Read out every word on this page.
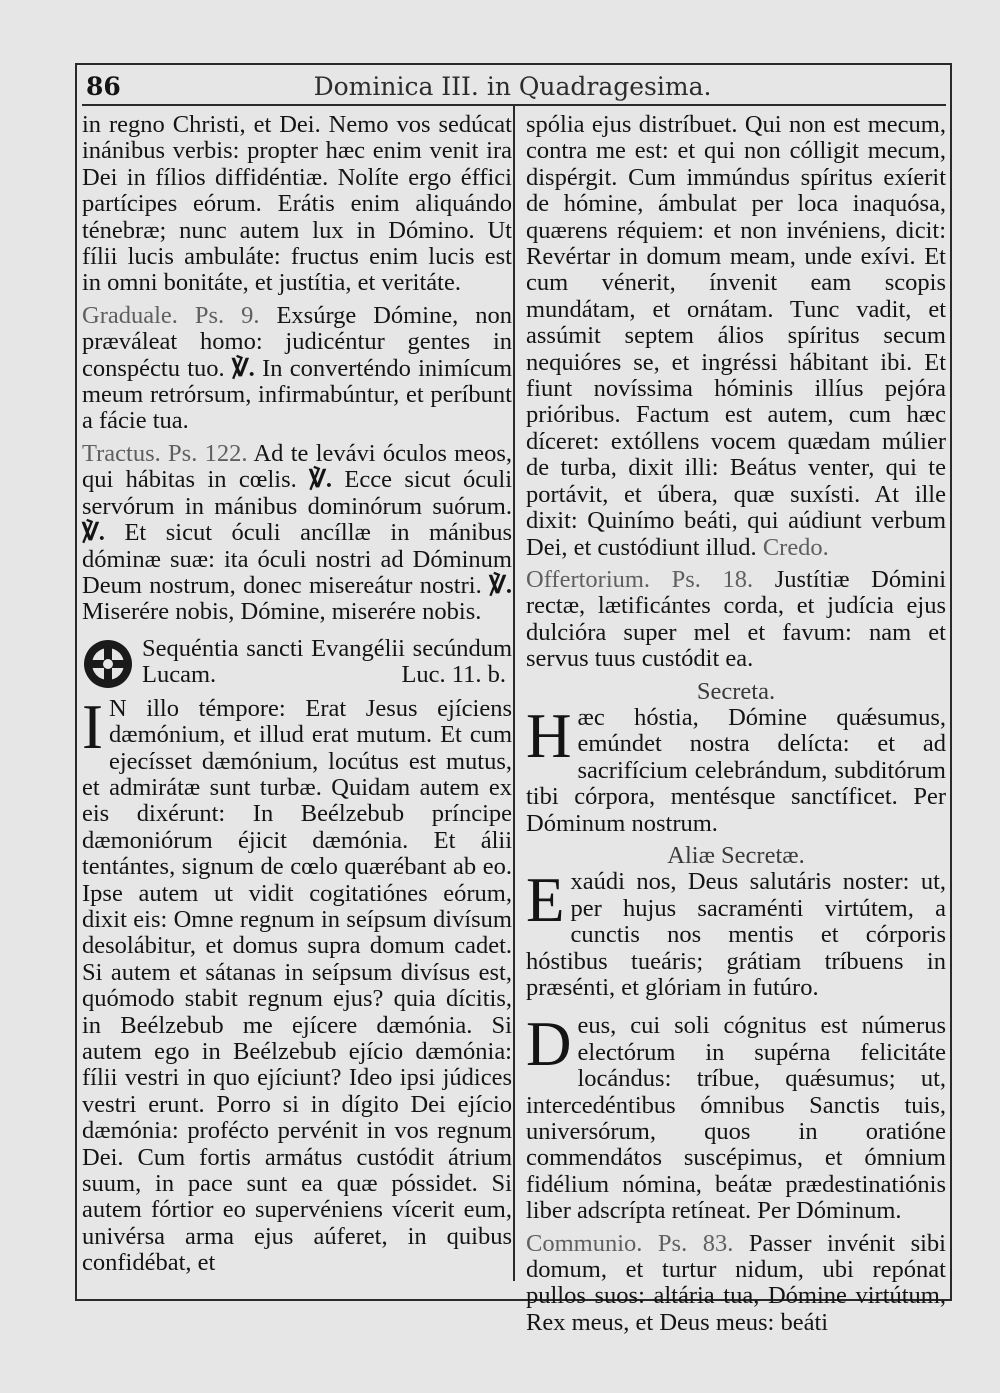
86	Dominica III. in Quadragesima.

in regno Christi, et Dei. Nemo vos sedúcat inánibus verbis: propter hæc enim venit ira Dei in fílios diffidéntiæ. Nolíte ergo éffici partícipes eórum. Erátis enim aliquándo ténebræ; nunc autem lux in Dómino. Ut fílii lucis ambuláte: fructus enim lucis est in omni bonitáte, et justítia, et veritáte.

Graduale. Ps. 9. Exsúrge Dómine, non præváleat homo: judicéntur gentes in conspéctu tuo. ℣. In converténdo inimícum meum retrórsum, infirmabúntur, et períbunt a fácie tua.

Tractus. Ps. 122. Ad te levávi óculos meos, qui hábitas in cœlis. ℣. Ecce sicut óculi servórum in mánibus dominórum suórum. ℣. Et sicut óculi ancíllæ in mánibus dóminæ suæ: ita óculi nostri ad Dóminum Deum nostrum, donec misereátur nostri. ℣. Miserére nobis, Dómine, miserére nobis.

Sequéntia sancti Evangélii secúndum Lucam.	Luc. 11. b.

I N illo témpore: Erat Jesus ejíciens dæmónium, et illud erat mutum. Et cum ejecísset dæmónium, locútus est mutus, et admirátæ sunt turbæ. Quidam autem ex eis dixérunt: In Beélzebub príncipe dæmoniórum éjicit dæmónia. Et álii tentántes, signum de cœlo quærébant ab eo. Ipse autem ut vidit cogitatiónes eórum, dixit eis: Omne regnum in seípsum divísum desolábitur, et domus supra domum cadet. Si autem et sátanas in seípsum divísus est, quómodo stabit regnum ejus? quia dícitis, in Beélzebub me ejícere dæmónia. Si autem ego in Beélzebub ejício dæmónia: fílii vestri in quo ejíciunt? Ideo ipsi júdices vestri erunt. Porro si in dígito Dei ejício dæmónia: profécto pervénit in vos regnum Dei. Cum fortis armátus custódit átrium suum, in pace sunt ea quæ póssidet. Si autem fórtior eo supervéniens vícerit eum, univérsa arma ejus aúferet, in quibus confidébat, et

spólia ejus distríbuet. Qui non est mecum, contra me est: et qui non cólligit mecum, dispérgit. Cum immúndus spíritus exíerit de hómine, ámbulat per loca inaquósa, quærens réquiem: et non invéniens, dicit: Revértar in domum meam, unde exívi. Et cum vénerit, ínvenit eam scopis mundátam, et ornátam. Tunc vadit, et assúmit septem álios spíritus secum nequióres se, et ingréssi hábitant ibi. Et fiunt novíssima hóminis illíus pejóra prióribus. Factum est autem, cum hæc díceret: extóllens vocem quædam múlier de turba, dixit illi: Beátus venter, qui te portávit, et úbera, quæ suxísti. At ille dixit: Quinímo beáti, qui aúdiunt verbum Dei, et custódiunt illud. Credo.

Offertorium. Ps. 18. Justítiæ Dómini rectæ, lætificántes corda, et judícia ejus dulcióra super mel et favum: nam et servus tuus custódit ea.

Secreta.

H æc hóstia, Dómine quǽsumus, emúndet nostra delícta: et ad sacrifícium celebrándum, subditórum tibi córpora, mentésque sanctíficet. Per Dóminum nostrum.

Aliæ Secretæ.

E xaúdi nos, Deus salutáris noster: ut, per hujus sacraménti virtútem, a cunctis nos mentis et córporis hóstibus tueáris; grátiam tríbuens in præsénti, et glóriam in futúro.

D eus, cui soli cógnitus est númerus electórum in supérna felicitáte locándus: tríbue, quǽsumus; ut, intercedéntibus ómnibus Sanctis tuis, universórum, quos in oratióne commendátos suscépimus, et ómnium fidélium nómina, beátæ prædestinatiónis liber adscrípta retíneat. Per Dóminum.

Communio. Ps. 83. Passer invénit sibi domum, et turtur nidum, ubi repónat pullos suos: altária tua, Dómine virtútum, Rex meus, et Deus meus: beáti
